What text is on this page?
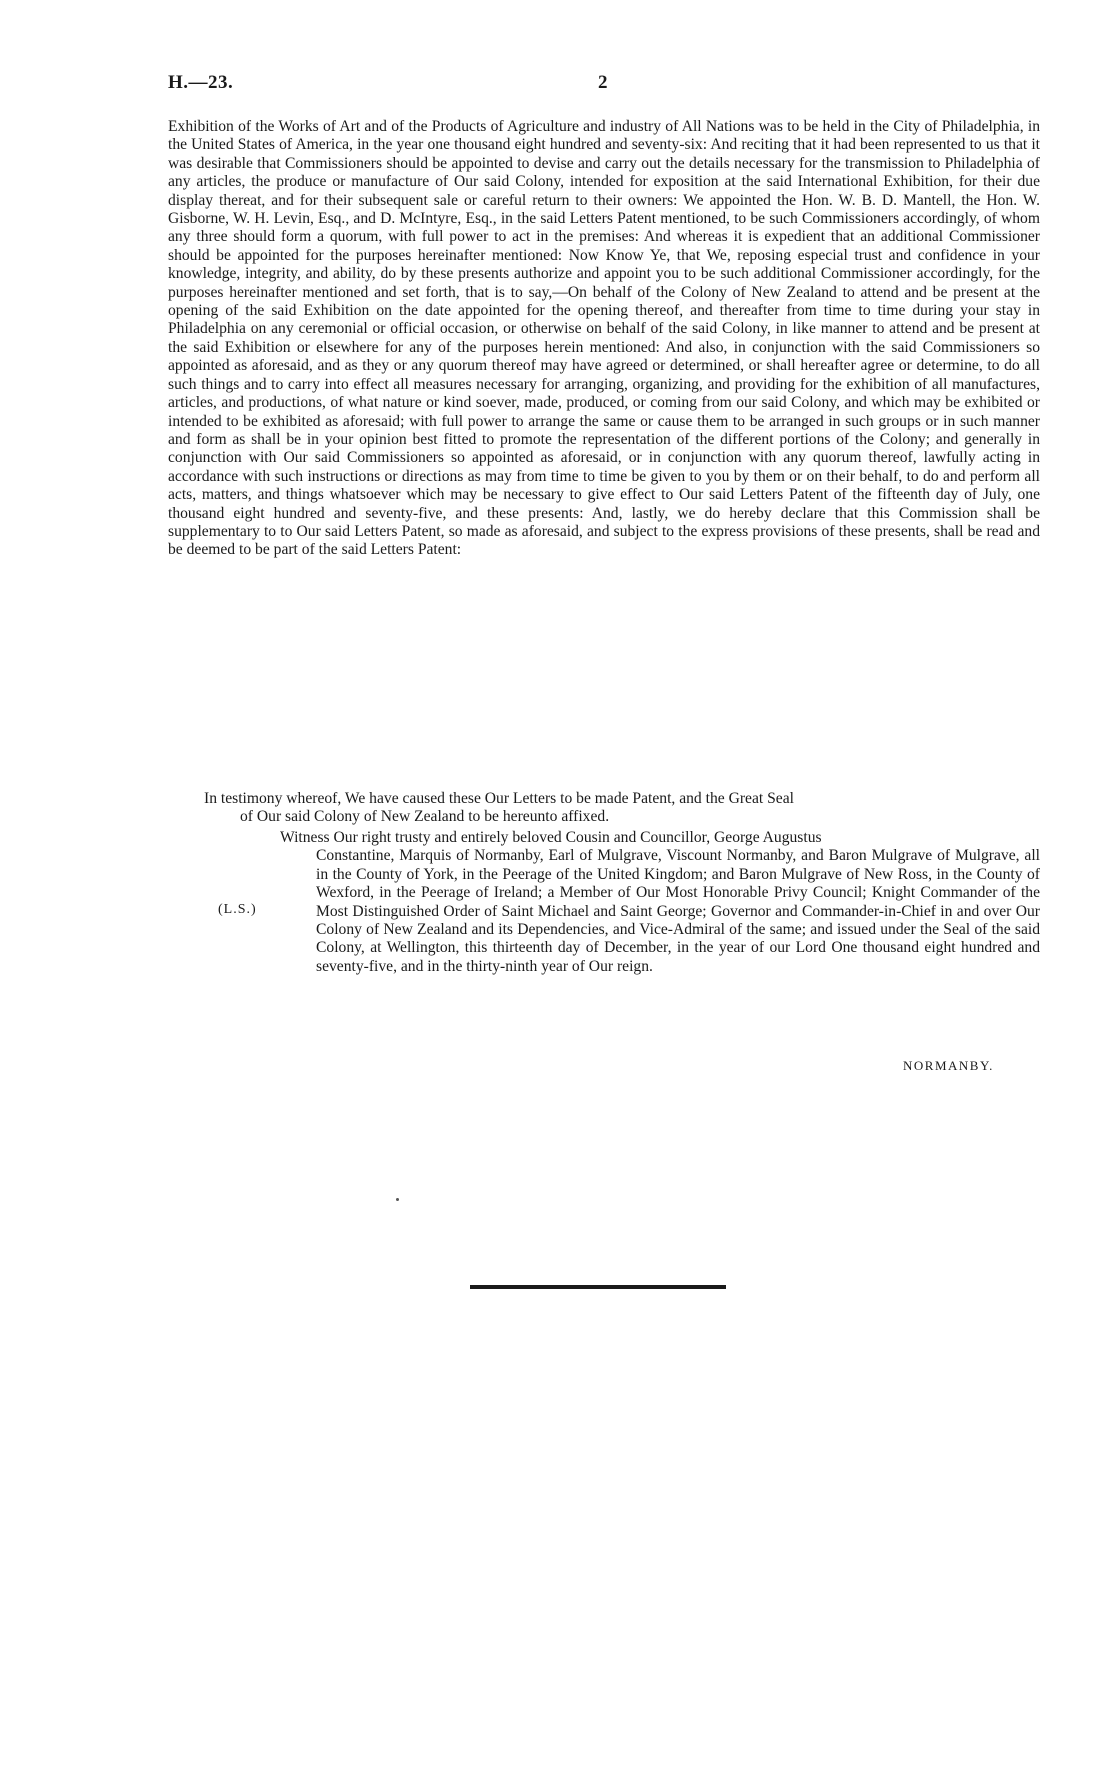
H.—23.	2

Exhibition of the Works of Art and of the Products of Agriculture and industry of All Nations was to be held in the City of Philadelphia, in the United States of America, in the year one thousand eight hundred and seventy-six: And reciting that it had been represented to us that it was desirable that Commissioners should be appointed to devise and carry out the details necessary for the transmission to Philadelphia of any articles, the produce or manufacture of Our said Colony, intended for exposition at the said International Exhibition, for their due display thereat, and for their subsequent sale or careful return to their owners: We appointed the Hon. W. B. D. Mantell, the Hon. W. Gisborne, W. H. Levin, Esq., and D. McIntyre, Esq., in the said Letters Patent mentioned, to be such Commissioners accordingly, of whom any three should form a quorum, with full power to act in the premises: And whereas it is expedient that an additional Commissioner should be appointed for the purposes hereinafter mentioned: Now Know Ye, that We, reposing especial trust and confidence in your knowledge, integrity, and ability, do by these presents authorize and appoint you to be such additional Commissioner accordingly, for the purposes hereinafter mentioned and set forth, that is to say,—On behalf of the Colony of New Zealand to attend and be present at the opening of the said Exhibition on the date appointed for the opening thereof, and thereafter from time to time during your stay in Philadelphia on any ceremonial or official occasion, or otherwise on behalf of the said Colony, in like manner to attend and be present at the said Exhibition or elsewhere for any of the purposes herein mentioned: And also, in conjunction with the said Commissioners so appointed as aforesaid, and as they or any quorum thereof may have agreed or determined, or shall hereafter agree or determine, to do all such things and to carry into effect all measures necessary for arranging, organizing, and providing for the exhibition of all manufactures, articles, and productions, of what nature or kind soever, made, produced, or coming from our said Colony, and which may be exhibited or intended to be exhibited as aforesaid; with full power to arrange the same or cause them to be arranged in such groups or in such manner and form as shall be in your opinion best fitted to promote the representation of the different portions of the Colony; and generally in conjunction with Our said Commissioners so appointed as aforesaid, or in conjunction with any quorum thereof, lawfully acting in accordance with such instructions or directions as may from time to time be given to you by them or on their behalf, to do and perform all acts, matters, and things whatsoever which may be necessary to give effect to Our said Letters Patent of the fifteenth day of July, one thousand eight hundred and seventy-five, and these presents: And, lastly, we do hereby declare that this Commission shall be supplementary to to Our said Letters Patent, so made as aforesaid, and subject to the express provisions of these presents, shall be read and be deemed to be part of the said Letters Patent:

In testimony whereof, We have caused these Our Letters to be made Patent, and the Great Seal
of Our said Colony of New Zealand to be hereunto affixed.

Witness Our right trusty and entirely beloved Cousin and Councillor, George Augustus
Constantine, Marquis of Normanby, Earl of Mulgrave, Viscount Normanby, and Baron Mulgrave of Mulgrave, all in the County of York, in the Peerage of the United Kingdom; and Baron Mulgrave of New Ross, in the County of Wexford, in the Peerage of Ireland; a Member of Our Most Honorable Privy Council; Knight Commander of the Most Distinguished Order of Saint Michael and Saint George; Governor and Commander-in-Chief in and over Our Colony of New Zealand and its Dependencies, and Vice-Admiral of the same; and issued under the Seal of the said Colony, at Wellington, this thirteenth day of December, in the year of our Lord One thousand eight hundred and seventy-five, and in the thirty-ninth year of Our reign.

(L.S.)
NORMANBY.
